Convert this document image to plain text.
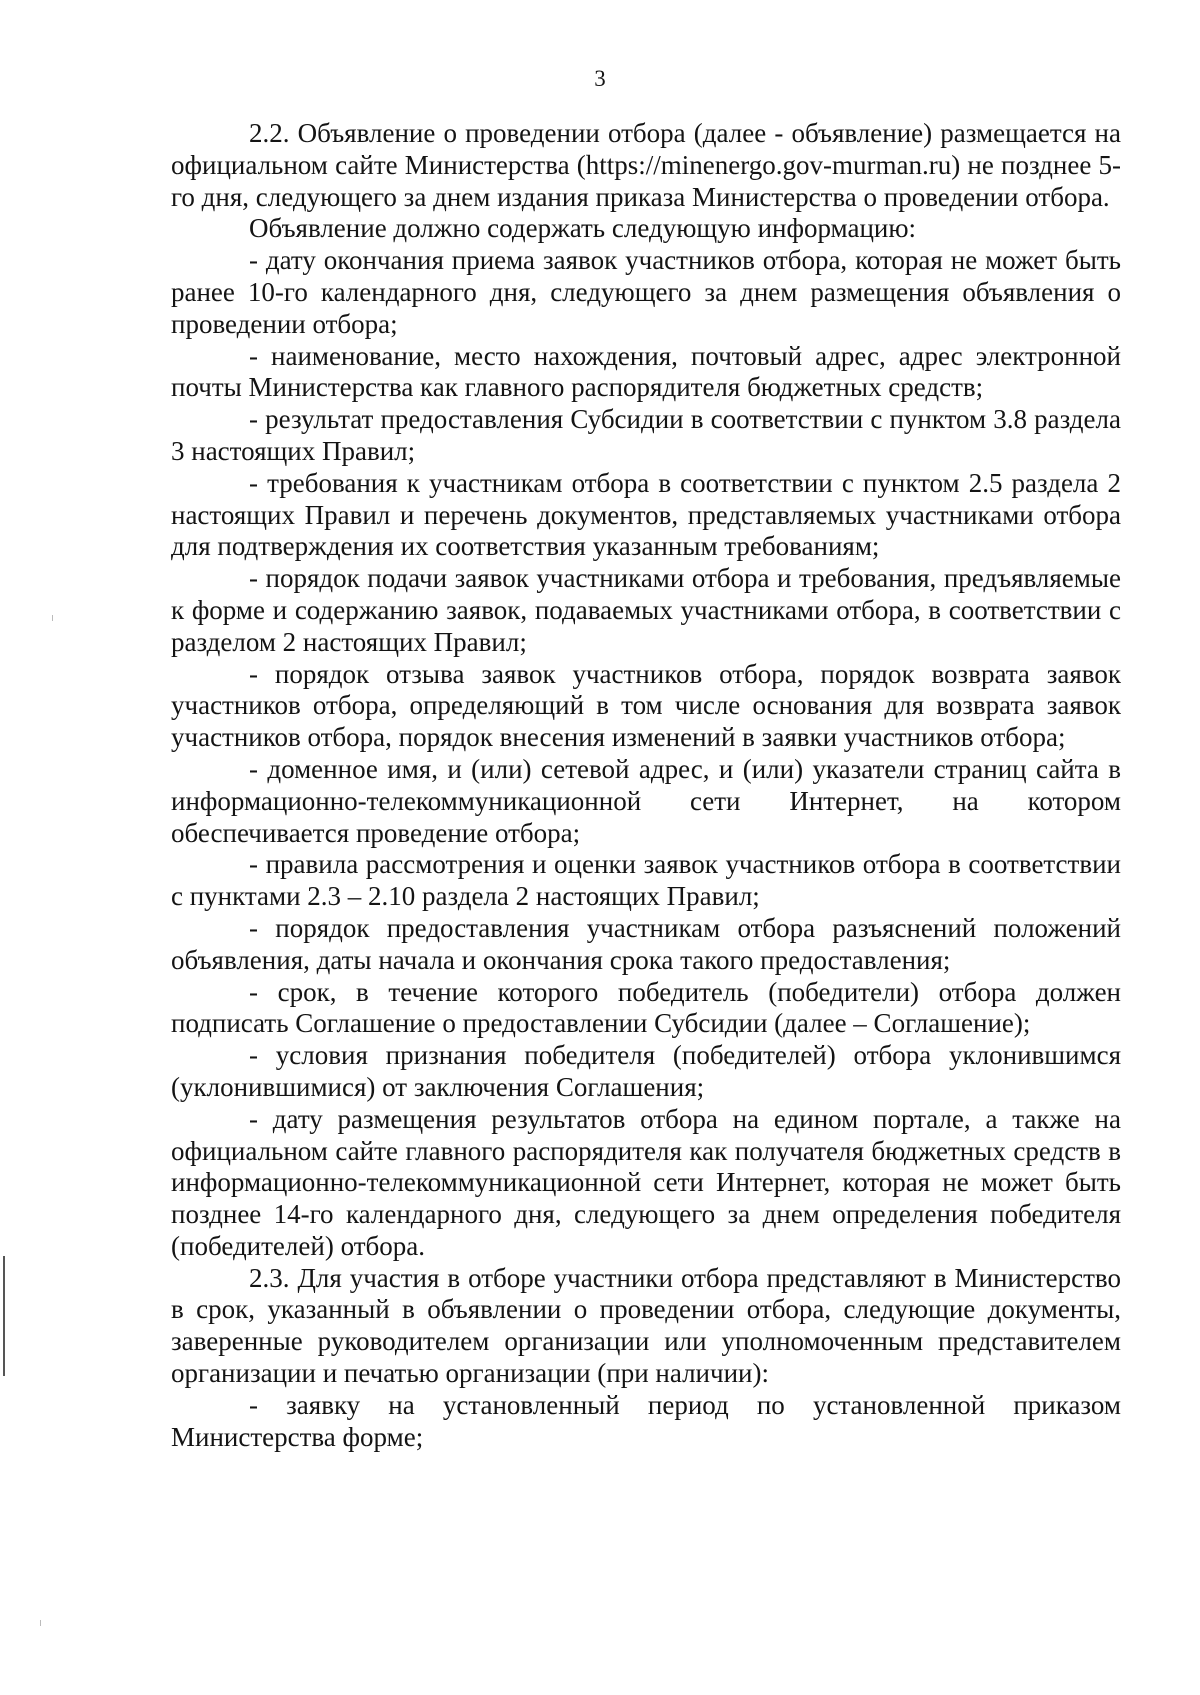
3

2.2. Объявление о проведении отбора (далее - объявление) размещается на официальном сайте Министерства (https://minenergo.gov-murman.ru) не позднее 5-го дня, следующего за днем издания приказа Министерства о проведении отбора.

Объявление должно содержать следующую информацию:

- дату окончания приема заявок участников отбора, которая не может быть ранее 10-го календарного дня, следующего за днем размещения объявления о проведении отбора;

- наименование, место нахождения, почтовый адрес, адрес электронной почты Министерства как главного распорядителя бюджетных средств;

- результат предоставления Субсидии в соответствии с пунктом 3.8 раздела 3 настоящих Правил;

- требования к участникам отбора в соответствии с пунктом 2.5 раздела 2 настоящих Правил и перечень документов, представляемых участниками отбора для подтверждения их соответствия указанным требованиям;

- порядок подачи заявок участниками отбора и требования, предъявляемые к форме и содержанию заявок, подаваемых участниками отбора, в соответствии с разделом 2 настоящих Правил;

- порядок отзыва заявок участников отбора, порядок возврата заявок участников отбора, определяющий в том числе основания для возврата заявок участников отбора, порядок внесения изменений в заявки участников отбора;

- доменное имя, и (или) сетевой адрес, и (или) указатели страниц сайта в информационно-телекоммуникационной сети Интернет, на котором обеспечивается проведение отбора;

- правила рассмотрения и оценки заявок участников отбора в соответствии с пунктами 2.3 – 2.10 раздела 2 настоящих Правил;

- порядок предоставления участникам отбора разъяснений положений объявления, даты начала и окончания срока такого предоставления;

- срок, в течение которого победитель (победители) отбора должен подписать Соглашение о предоставлении Субсидии (далее – Соглашение);

- условия признания победителя (победителей) отбора уклонившимся (уклонившимися) от заключения Соглашения;

- дату размещения результатов отбора на едином портале, а также на официальном сайте главного распорядителя как получателя бюджетных средств в информационно-телекоммуникационной сети Интернет, которая не может быть позднее 14-го календарного дня, следующего за днем определения победителя (победителей) отбора.

2.3. Для участия в отборе участники отбора представляют в Министерство в срок, указанный в объявлении о проведении отбора, следующие документы, заверенные руководителем организации или уполномоченным представителем организации и печатью организации (при наличии):

- заявку на установленный период по установленной приказом Министерства форме;
